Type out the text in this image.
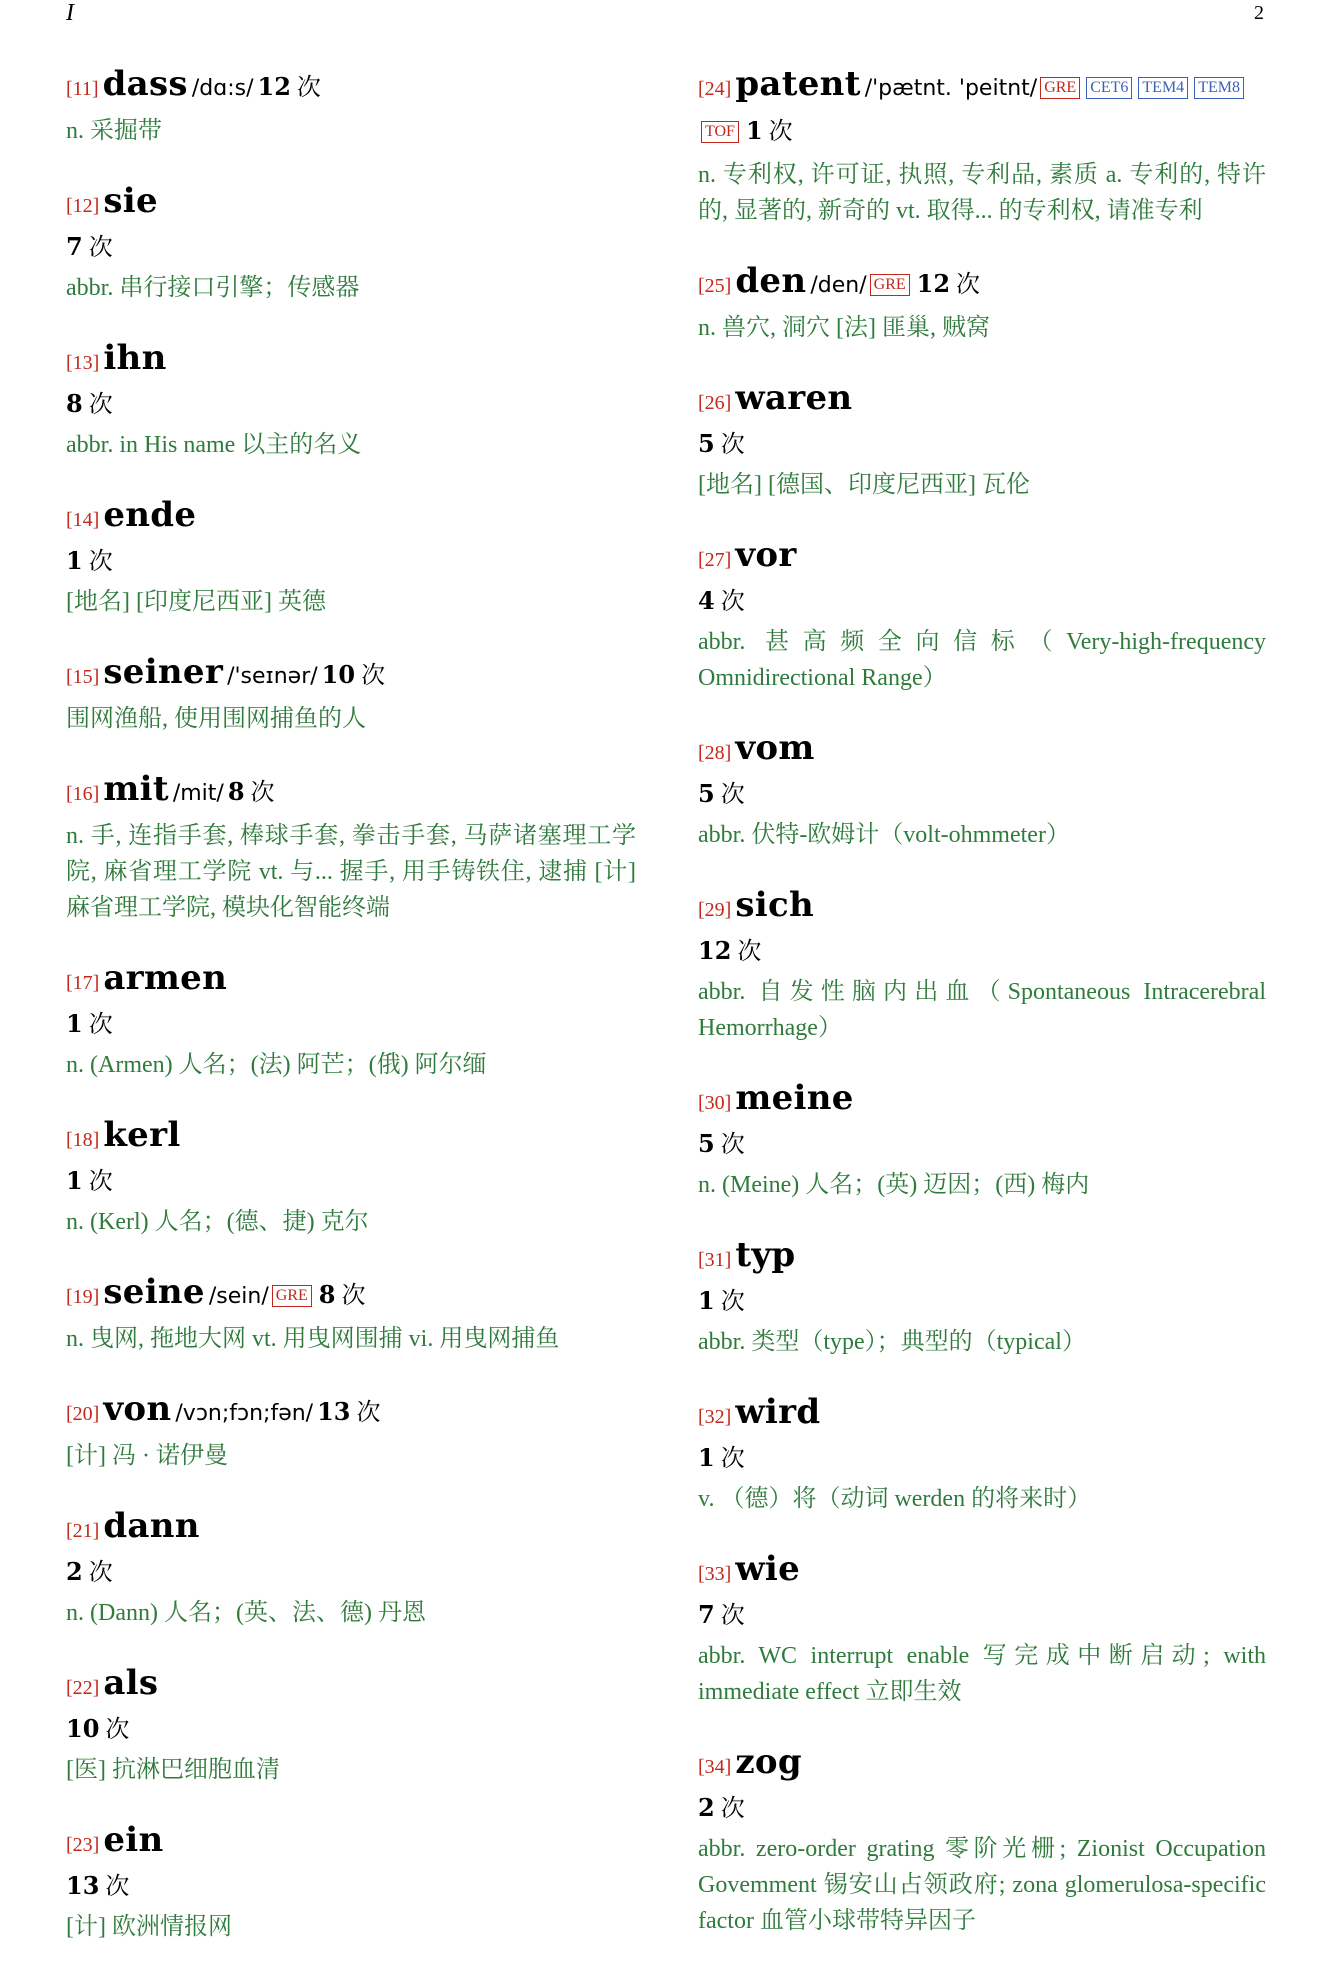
I	2
[11] dass /dɑ:s/ 12 次
n. 采掘带
[12] sie
7 次
abbr. 串行接口引擎；传感器
[13] ihn
8 次
abbr. in His name 以主的名义
[14] ende
1 次
[地名] [印度尼西亚] 英德
[15] seiner /'seɪnər/ 10 次
围网渔船, 使用围网捕鱼的人
[16] mit /mit/ 8 次
n. 手, 连指手套, 棒球手套, 拳击手套, 马萨诸塞理工学院, 麻省理工学院 vt. 与... 握手, 用手铸铁住, 逮捕 [计] 麻省理工学院, 模块化智能终端
[17] armen
1 次
n. (Armen) 人名；(法) 阿芒；(俄) 阿尔缅
[18] kerl
1 次
n. (Kerl) 人名；(德、捷) 克尔
[19] seine /sein/ GRE 8 次
n. 曳网, 拖地大网 vt. 用曳网围捕 vi. 用曳网捕鱼
[20] von /vɔn;fɔn;fən/ 13 次
[计] 冯 · 诺伊曼
[21] dann
2 次
n. (Dann) 人名；(英、法、德) 丹恩
[22] als
10 次
[医] 抗淋巴细胞血清
[23] ein
13 次
[计] 欧洲情报网
[24] patent /'pætnt. 'peitnt/ GRE CET6 TEM4 TEM8TOF 1 次
n. 专利权, 许可证, 执照, 专利品, 素质 a. 专利的, 特许的, 显著的, 新奇的 vt. 取得... 的专利权, 请准专利
[25] den /den/ GRE 12 次
n. 兽穴, 洞穴 [法] 匪巢, 贼窝
[26] waren
5 次
[地名] [德国、印度尼西亚] 瓦伦
[27] vor
4 次
abbr. 甚高频全向信标（Very-high-frequency Omnidirectional Range）
[28] vom
5 次
abbr. 伏特-欧姆计（volt-ohmmeter）
[29] sich
12 次
abbr. 自发性脑内出血（Spontaneous Intracerebral Hemorrhage）
[30] meine
5 次
n. (Meine) 人名；(英) 迈因；(西) 梅内
[31] typ
1 次
abbr. 类型（type）；典型的（typical）
[32] wird
1 次
v. （德）将（动词 werden 的将来时）
[33] wie
7 次
abbr. WC interrupt enable 写完成中断启动; with immediate effect 立即生效
[34] zog
2 次
abbr. zero-order grating 零阶光栅; Zionist Occupation Govemment 锡安山占领政府; zona glomerulosa-specific factor 血管小球带特异因子
